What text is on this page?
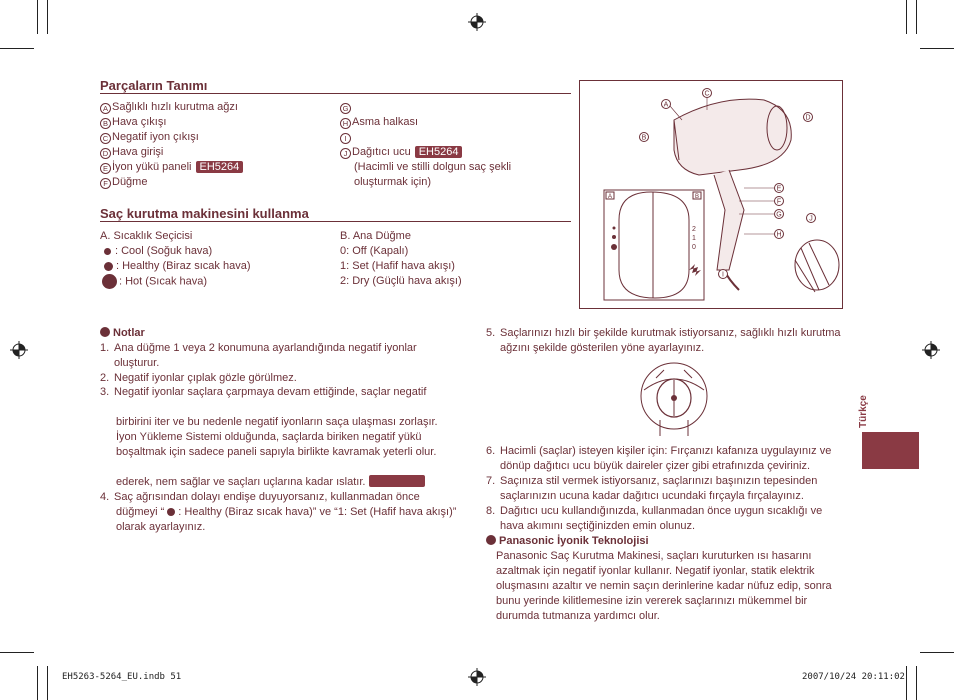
Parçaların Tanımı
A Sağlıklı hızlı kurutma ağzı
B Hava çıkışı
C Negatif iyon çıkışı
D Hava girişi
E İyon yükü paneli EH5264
F Düğme
G
H Asma halkası
I
J Dağıtıcı ucu EH5264
(Hacimli ve stilli dolgun saç şekli
oluşturmak için)
Saç kurutma makinesini kullanma
A. Sıcaklık Seçicisi
: Cool (Soğuk hava)
: Healthy (Biraz sıcak hava)
: Hot (Sıcak hava)
B. Ana Düğme
0: Off (Kapalı)
1: Set (Hafif hava akışı)
2: Dry (Güçlü hava akışı)
A
C
B
D
E
F
G
H
I
J
A	B
2
1
0
Notlar
1. Ana düğme 1 veya 2 konumuna ayarlandığında negatif iyonlar
oluşturur.
2. Negatif iyonlar çıplak gözle görülmez.
3. Negatif iyonlar saçlara çarpmaya devam ettiğinde, saçlar negatif
birbirini iter ve bu nedenle negatif iyonların saça ulaşması zorlaşır.
İyon Yükleme Sistemi olduğunda, saçlarda biriken negatif yükü
boşaltmak için sadece paneli sapıyla birlikte kavramak yeterli olur.
ederek, nem sağlar ve saçları uçlarına kadar ıslatır.
4. Saç ağrısından dolayı endişe duyuyorsanız, kullanmadan önce
düğmeyi “ : Healthy (Biraz sıcak hava)” ve “1: Set (Hafif hava akışı)”
olarak ayarlayınız.
5. Saçlarınızı hızlı bir şekilde kurutmak istiyorsanız, sağlıklı hızlı kurutma
ağzını şekilde gösterilen yöne ayarlayınız.
6. Hacimli (saçlar) isteyen kişiler için: Fırçanızı kafanıza uygulayınız ve
dönüp dağıtıcı ucu büyük daireler çizer gibi etrafınızda çeviriniz.
7. Saçınıza stil vermek istiyorsanız, saçlarınızı başınızın tepesinden
saçlarınızın ucuna kadar dağıtıcı ucundaki fırçayla fırçalayınız.
8. Dağıtıcı ucu kullandığınızda, kullanmadan önce uygun sıcaklığı ve
hava akımını seçtiğinizden emin olunuz.
Panasonic İyonik Teknolojisi
Panasonic Saç Kurutma Makinesi, saçları kuruturken ısı hasarını
azaltmak için negatif iyonlar kullanır. Negatif iyonlar, statik elektrik
oluşmasını azaltır ve nemin saçın derinlerine kadar nüfuz edip, sonra
bunu yerinde kilitlemesine izin vererek saçlarınızı mükemmel bir
durumda tutmanıza yardımcı olur.
Türkçe
EH5263-5264_EU.indb 51	2007/10/24 20:11:02
